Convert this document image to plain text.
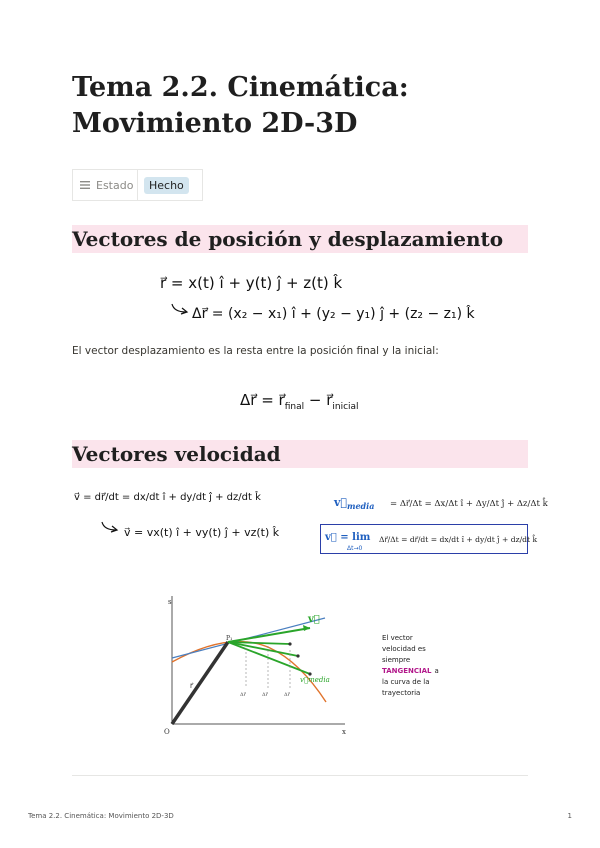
Tema 2.2. Cinemática:
Movimiento 2D-3D
Estado	Hecho
Vectores de posición y desplazamiento
r⃗ = x(t) î + y(t) ĵ + z(t) k̂
Δr⃗ = (x₂ − x₁) î + (y₂ − y₁) ĵ + (z₂ − z₁) k̂

El vector desplazamiento es la resta entre la posición final y la inicial:

Δr⃗ = $r⃗_{final}$ − $r⃗_{inicial}$
Vectores velocidad
v⃗ = dr⃗/dt = dx/dt î + dy/dt ĵ + dz/dt k̂
v⃗ = vx(t) î + vy(t) ĵ + vz(t) k̂
$v⃗_{media}$ = Δr⃗/Δt = Δx/Δt î + Δy/Δt ĵ + Δz/Δt k̂
v⃗ = lim
Δt→0
Δr⃗/Δt = dr⃗/dt = dx/dt î + dy/dt ĵ + dz/dt k̂
s
O	x
r⃗
P₁
v⃗
v⃗media
Δr⃗	Δr⃗	Δr⃗
El vector
velocidad es
siempre
TANGENCIAL a
la curva de la
trayectoria
Tema 2.2. Cinemática: Movimiento 2D-3D	1
